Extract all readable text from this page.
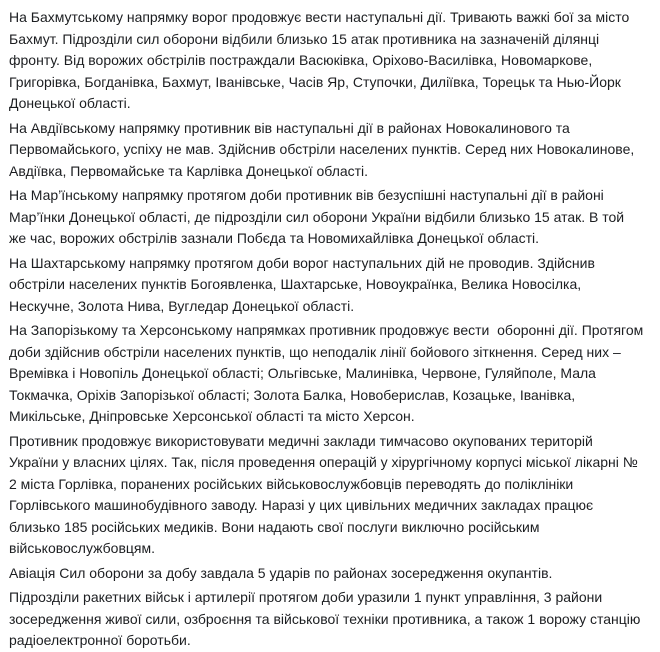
На Бахмутському напрямку ворог продовжує вести наступальні дії. Тривають важкі бої за місто Бахмут. Підрозділи сил оборони відбили близько 15 атак противника на зазначеній ділянці фронту. Від ворожих обстрілів постраждали Васюківка, Оріхово-Василівка, Новомаркове, Григорівка, Богданівка, Бахмут, Іванівське, Часів Яр, Ступочки, Диліївка, Торецьк та Нью-Йорк Донецької області.

На Авдіївському напрямку противник вів наступальні дії в районах Новокалинового та Первомайського, успіху не мав. Здійснив обстріли населених пунктів. Серед них Новокалинове, Авдіївка, Первомайське та Карлівка Донецької області.

На Мар’їнському напрямку протягом доби противник вів безуспішні наступальні дії в районі Мар’їнки Донецької області, де підрозділи сил оборони України відбили близько 15 атак. В той же час, ворожих обстрілів зазнали Побєда та Новомихайлівка Донецької області.

На Шахтарському напрямку протягом доби ворог наступальних дій не проводив. Здійснив обстріли населених пунктів Богоявленка, Шахтарське, Новоукраїнка, Велика Новосілка, Нескучне, Золота Нива, Вугледар Донецької області.

На Запорізькому та Херсонському напрямках противник продовжує вести  оборонні дії. Протягом доби здійснив обстріли населених пунктів, що неподалік лінії бойового зіткнення. Серед них – Времівка і Новопіль Донецької області; Ольгівське, Малинівка, Червоне, Гуляйполе, Мала Токмачка, Оріхів Запорізької області; Золота Балка, Новоберислав, Козацьке, Іванівка, Микільське, Дніпровське Херсонської області та місто Херсон.

Противник продовжує використовувати медичні заклади тимчасово окупованих територій України у власних цілях. Так, після проведення операцій у хірургічному корпусі міської лікарні № 2 міста Горлівка, поранених російських військовослужбовців переводять до поліклініки Горлівського машинобудівного заводу. Наразі у цих цивільних медичних закладах працює близько 185 російських медиків. Вони надають свої послуги виключно російським військовослужбовцям.

Авіація Сил оборони за добу завдала 5 ударів по районах зосередження окупантів.

Підрозділи ракетних військ і артилерії протягом доби уразили 1 пункт управління, 3 райони зосередження живої сили, озброєння та військової техніки противника, а також 1 ворожу станцію радіоелектронної боротьби.
